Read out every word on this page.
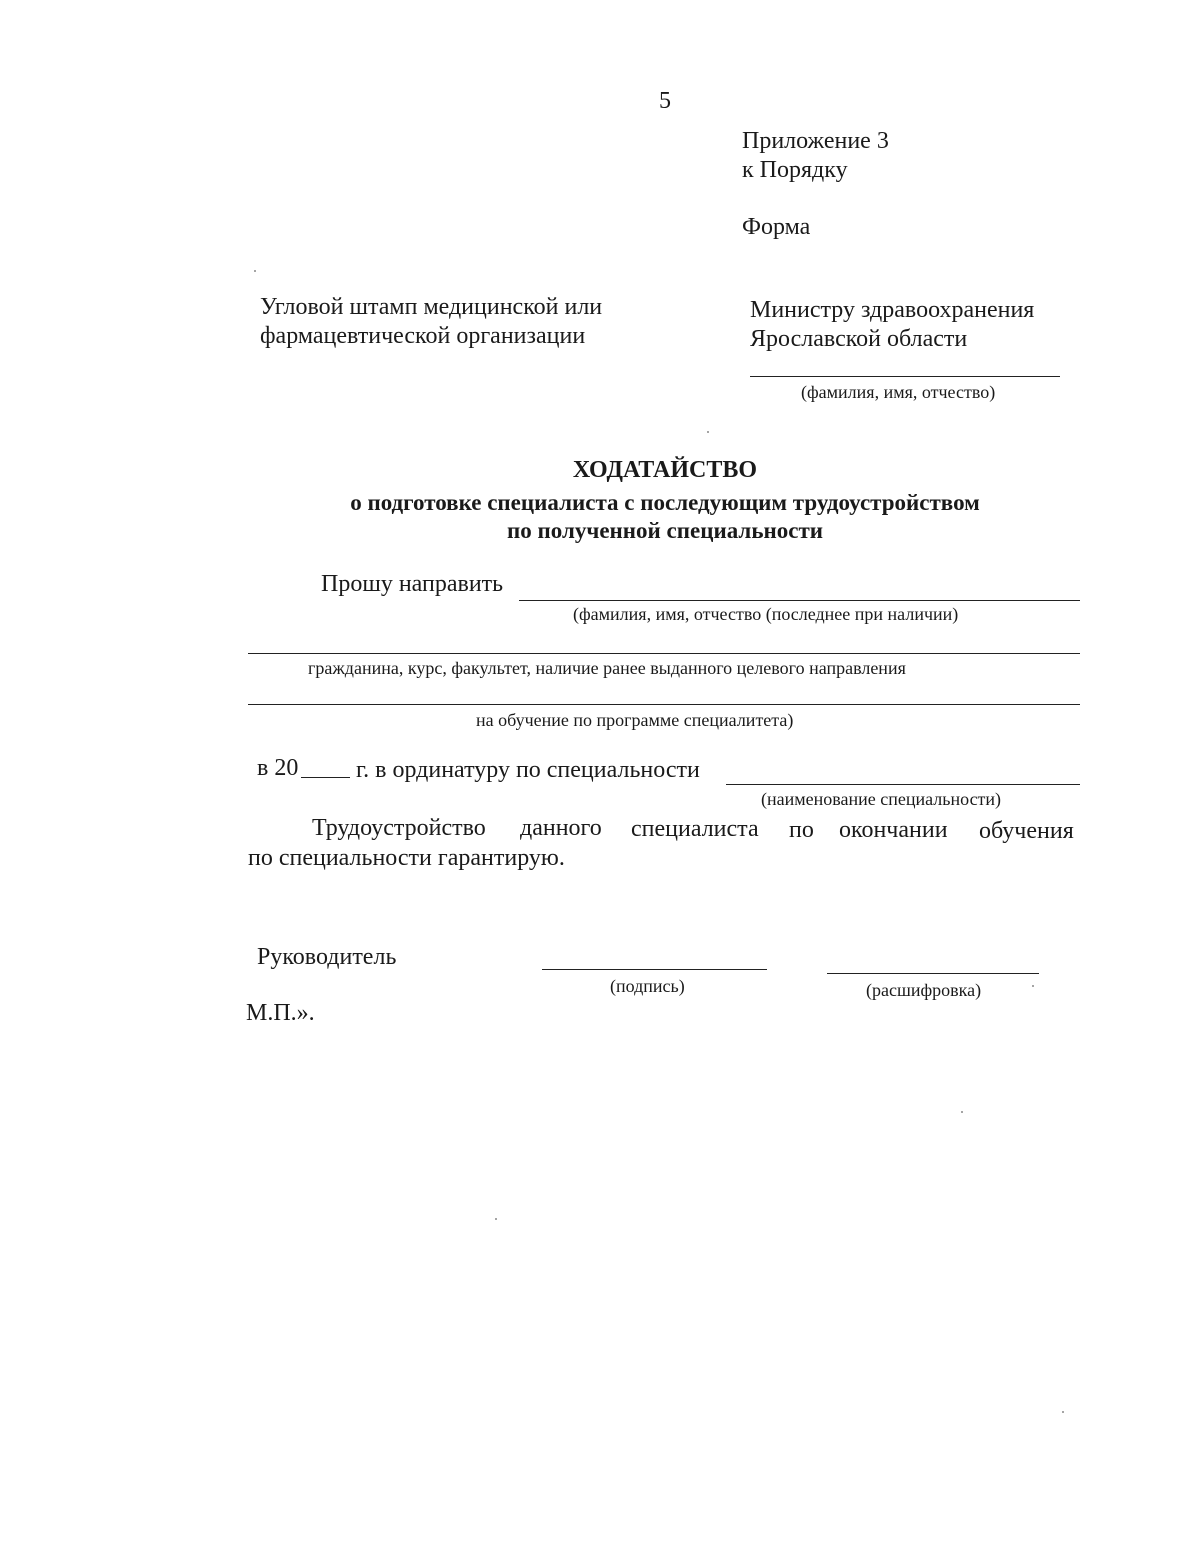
5
Приложение 3
к Порядку
Форма
Угловой штамп медицинской или
фармацевтической организации
Министру здравоохранения
Ярославской области
(фамилия, имя, отчество)
ХОДАТАЙСТВО
о подготовке специалиста с последующим трудоустройством
по полученной специальности
Прошу направить
(фамилия, имя, отчество (последнее при наличии)
гражданина, курс, факультет, наличие ранее выданного целевого направления
на обучение по программе специалитета)
в 20 г. в ординатуру по специальности
(наименование специальности)
Трудоустройство данного специалиста по окончании обучения
по специальности гарантирую.
Руководитель
(подпись)	(расшифровка)
М.П.».
